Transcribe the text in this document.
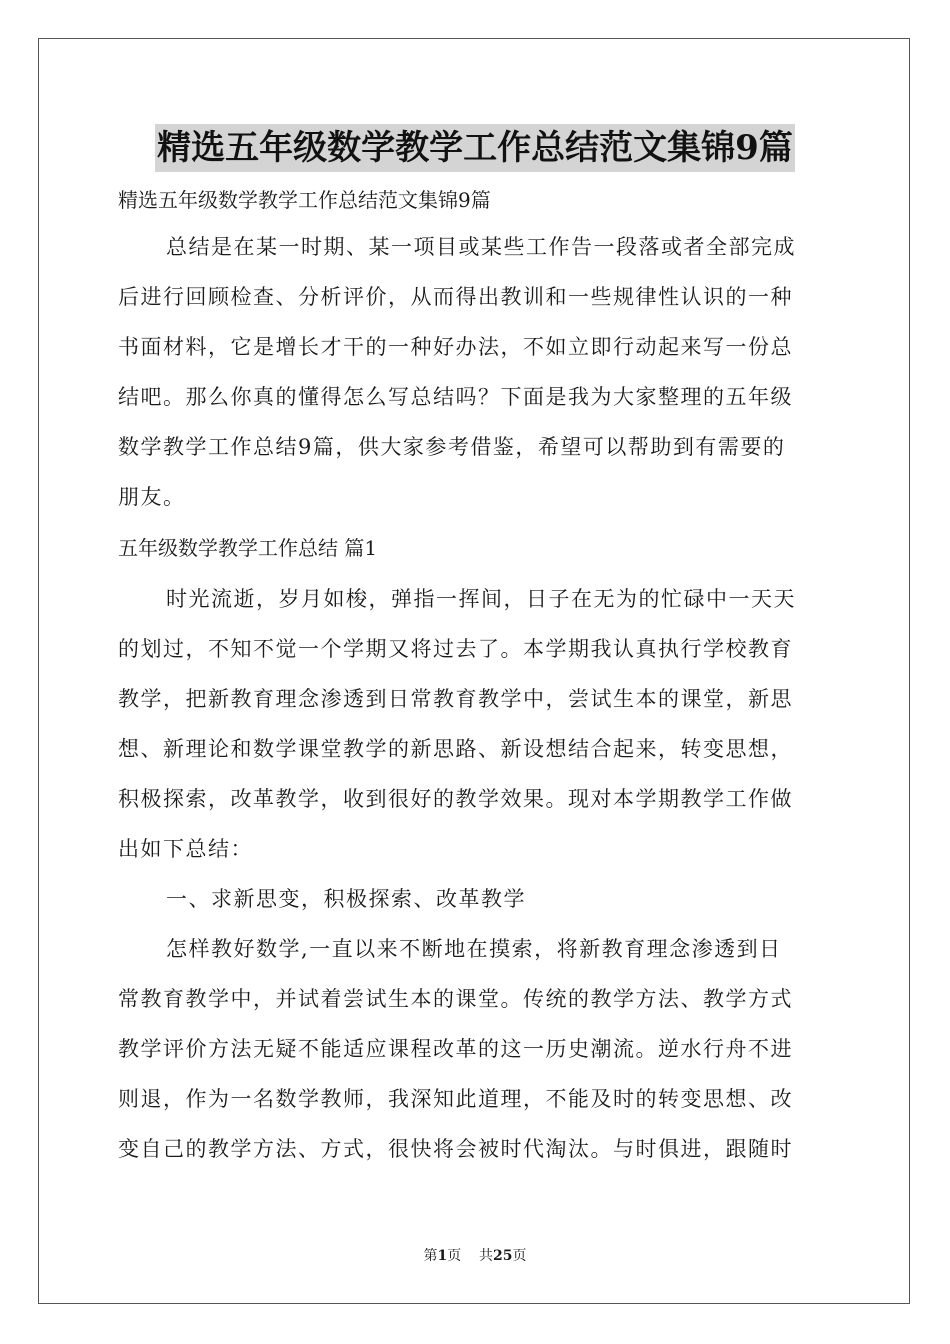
精选五年级数学教学工作总结范文集锦9篇

精选五年级数学教学工作总结范文集锦9篇

总结是在某一时期、某一项目或某些工作告一段落或者全部完成

后进行回顾检查、分析评价，从而得出教训和一些规律性认识的一种

书面材料，它是增长才干的一种好办法，不如立即行动起来写一份总

结吧。那么你真的懂得怎么写总结吗？下面是我为大家整理的五年级

数学教学工作总结9篇，供大家参考借鉴，希望可以帮助到有需要的

朋友。

五年级数学教学工作总结 篇1

时光流逝，岁月如梭，弹指一挥间，日子在无为的忙碌中一天天

的划过，不知不觉一个学期又将过去了。本学期我认真执行学校教育

教学，把新教育理念渗透到日常教育教学中，尝试生本的课堂，新思

想、新理论和数学课堂教学的新思路、新设想结合起来，转变思想，

积极探索，改革教学，收到很好的教学效果。现对本学期教学工作做

出如下总结：

一、求新思变，积极探索、改革教学

怎样教好数学,一直以来不断地在摸索，将新教育理念渗透到日

常教育教学中，并试着尝试生本的课堂。传统的教学方法、教学方式

教学评价方法无疑不能适应课程改革的这一历史潮流。逆水行舟不进

则退，作为一名数学教师，我深知此道理，不能及时的转变思想、改

变自己的教学方法、方式，很快将会被时代淘汰。与时俱进，跟随时

第1页 共25页
